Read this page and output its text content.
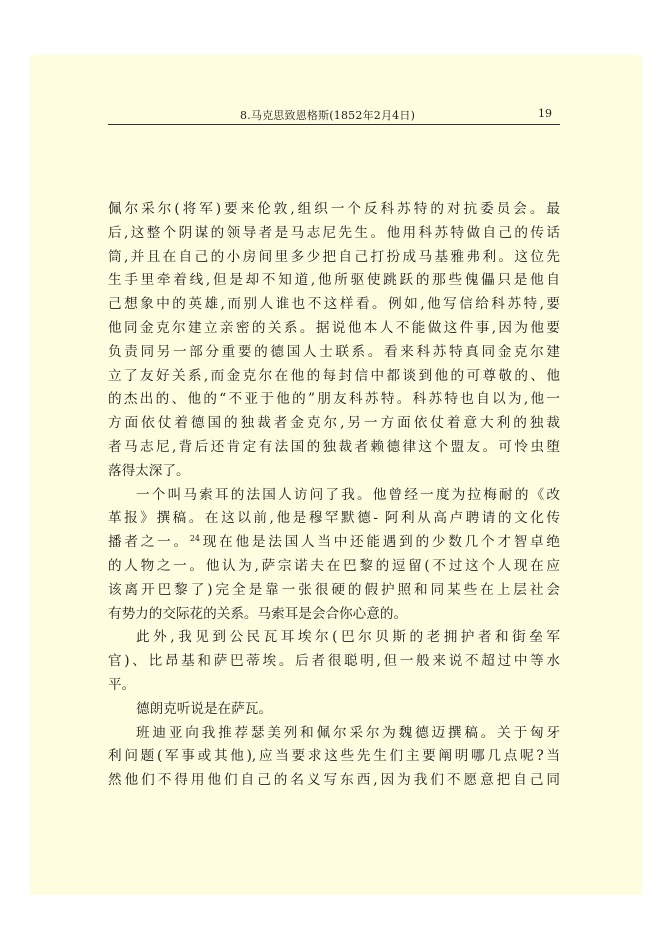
8.马克思致恩格斯(1852年2月4日)	19
佩尔采尔(将军)要来伦敦,组织一个反科苏特的对抗委员会。最
后,这整个阴谋的领导者是马志尼先生。他用科苏特做自己的传话
筒,并且在自己的小房间里多少把自己打扮成马基雅弗利。这位先
生手里牵着线,但是却不知道,他所驱使跳跃的那些傀儡只是他自
己想象中的英雄,而别人谁也不这样看。例如,他写信给科苏特,要
他同金克尔建立亲密的关系。据说他本人不能做这件事,因为他要
负责同另一部分重要的德国人士联系。看来科苏特真同金克尔建
立了友好关系,而金克尔在他的每封信中都谈到他的可尊敬的、他
的杰出的、他的“不亚于他的”朋友科苏特。科苏特也自以为,他一
方面依仗着德国的独裁者金克尔,另一方面依仗着意大利的独裁
者马志尼,背后还肯定有法国的独裁者赖德律这个盟友。可怜虫堕
落得太深了。
一个叫马索耳的法国人访问了我。他曾经一度为拉梅耐的《改
革报》撰稿。在这以前,他是穆罕默德- 阿利从高卢聘请的文化传
播者之一。$^{24}$现在他是法国人当中还能遇到的少数几个才智卓绝
的人物之一。他认为,萨宗诺夫在巴黎的逗留(不过这个人现在应
该离开巴黎了)完全是靠一张很硬的假护照和同某些在上层社会
有势力的交际花的关系。马索耳是会合你心意的。
此外,我见到公民瓦耳埃尔(巴尔贝斯的老拥护者和街垒军
官)、比昂基和萨巴蒂埃。后者很聪明,但一般来说不超过中等水
平。
德朗克听说是在萨瓦。
班迪亚向我推荐瑟美列和佩尔采尔为魏德迈撰稿。关于匈牙
利问题(军事或其他),应当要求这些先生们主要阐明哪几点呢?当
然他们不得用他们自己的名义写东西,因为我们不愿意把自己同
